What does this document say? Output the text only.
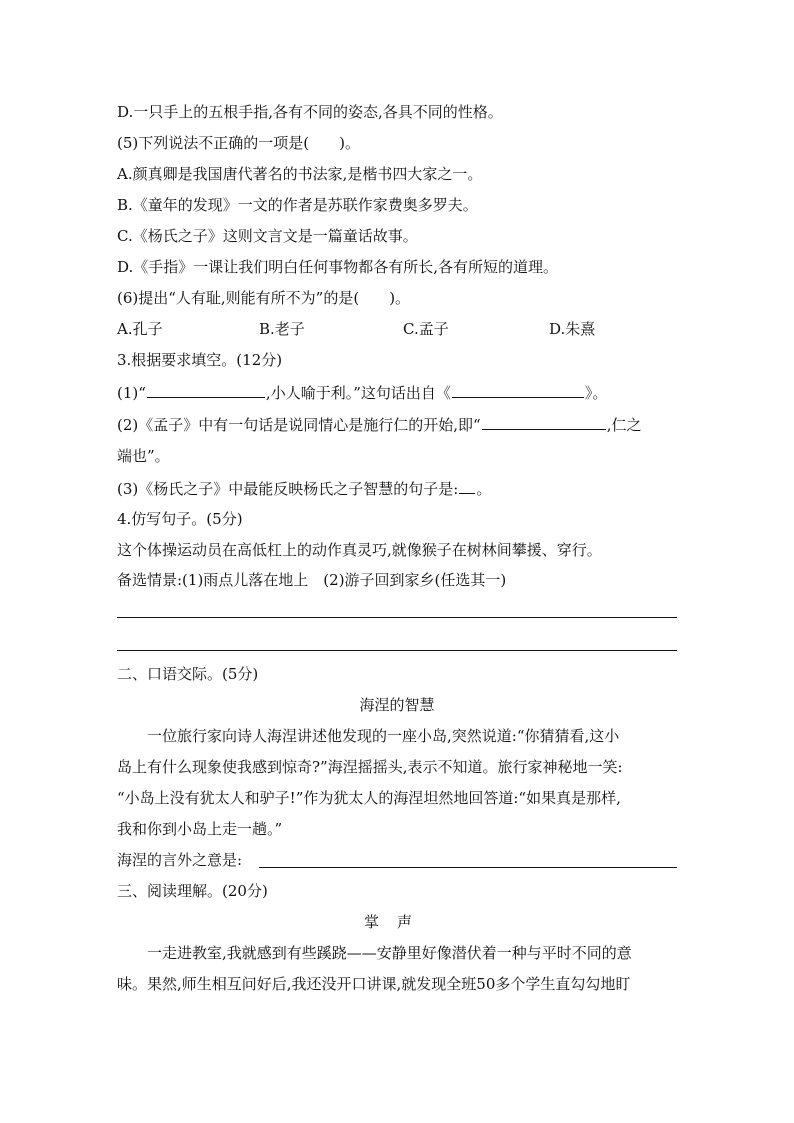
D.一只手上的五根手指,各有不同的姿态,各具不同的性格。
(5)下列说法不正确的一项是(　　)。
A.颜真卿是我国唐代著名的书法家,是楷书四大家之一。
B.《童年的发现》一文的作者是苏联作家费奥多罗夫。
C.《杨氏之子》这则文言文是一篇童话故事。
D.《手指》一课让我们明白任何事物都各有所长,各有所短的道理。
(6)提出“人有耻,则能有所不为”的是(　　)。
A.孔子	B.老子	C.孟子	D.朱熹
3.根据要求填空。(12分)
(1)“	,小人喻于利。”这句话出自《	》。
(2)《孟子》中有一句话是说同情心是施行仁的开始,即“	,仁之
端也”。
(3)《杨氏之子》中最能反映杨氏之子智慧的句子是: 。
4.仿写句子。(5分)
这个体操运动员在高低杠上的动作真灵巧,就像猴子在树林间攀援、穿行。
备选情景:(1)雨点儿落在地上　(2)游子回到家乡(任选其一)
二、口语交际。(5分)
海涅的智慧
一位旅行家向诗人海涅讲述他发现的一座小岛,突然说道:“你猜猜看,这小
岛上有什么现象使我感到惊奇?”海涅摇摇头,表示不知道。旅行家神秘地一笑:
“小岛上没有犹太人和驴子!”作为犹太人的海涅坦然地回答道:“如果真是那样,
我和你到小岛上走一趟。”
海涅的言外之意是:
三、阅读理解。(20分)
掌声
一走进教室,我就感到有些蹊跷——安静里好像潜伏着一种与平时不同的意
味。果然,师生相互问好后,我还没开口讲课,就发现全班50多个学生直勾勾地盯
